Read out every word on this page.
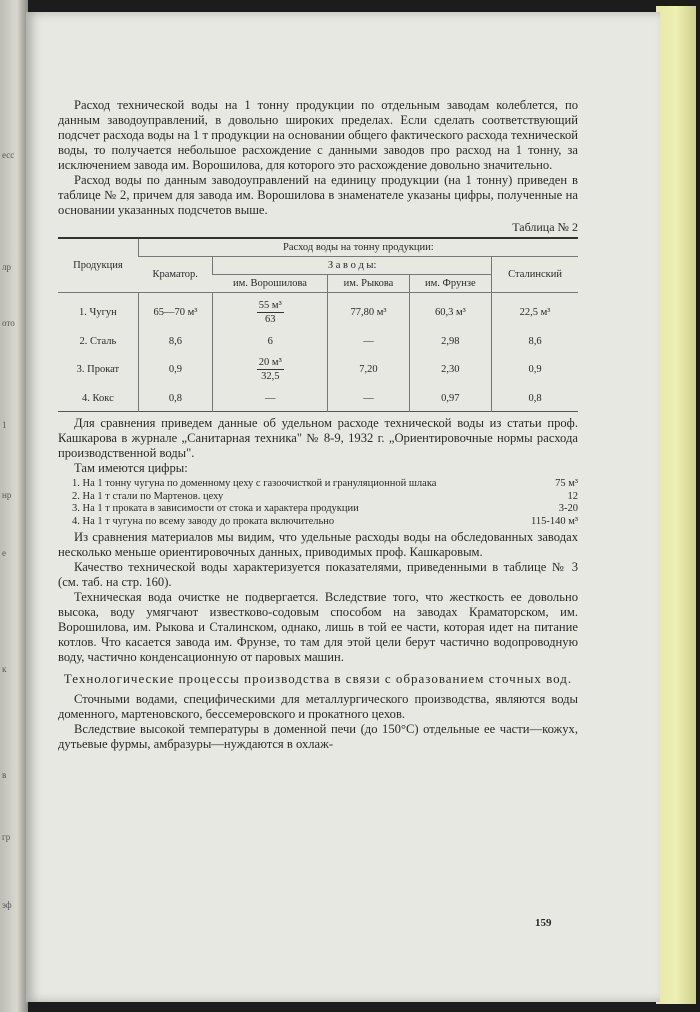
есс
лр
ото
1
нр
е
к
в
гр
эф

Расход технической воды на 1 тонну продукции по отдельным заводам колеблется, по данным заводоуправлений, в довольно широких пределах. Если сделать соответствующий подсчет расхода воды на 1 т продукции на основании общего фактического расхода технической воды, то получается небольшое расхождение с данными заводов про расход на 1 тонну, за исключением завода им. Ворошилова, для которого это расхождение довольно значительно.

Расход воды по данным заводоуправлений на единицу продукции (на 1 тонну) приведен в таблице № 2, причем для завода им. Ворошилова в знаменателе указаны цифры, полученные на основании указанных подсчетов выше.

Таблица № 2
Продукция	Расход воды на тонну продукции:				
	Краматор.	З а в о д ы:			Сталинский
		им. Ворошилова	им. Рыкова	им. Фрунзе	
1. Чугун	65—70 м³	$\frac{\text{55 м³}}{63}$	77,80 м³	60,3 м³	22,5 м³
2. Сталь	8,6	6	—	2,98	8,6
3. Прокат	0,9	$\frac{\text{20 м³}}{32,5}$	7,20	2,30	0,9
4. Кокс	0,8	—	—	0,97	0,8

Для сравнения приведем данные об удельном расходе технической воды из статьи проф. Кашкарова в журнале „Санитарная техника" № 8-9, 1932 г. „Ориентировочные нормы расхода производственной воды".

Там имеются цифры:

1. На 1 тонну чугуна по доменному цеху с газоочисткой и грануляционной шлака	75 м³
2. На 1 т стали по Мартенов. цеху	12
3. На 1 т проката в зависимости от стока и характера продукции	3-20
4. На 1 т чугуна по всему заводу до проката включительно	115-140 м³

Из сравнения материалов мы видим, что удельные расходы воды на обследованных заводах несколько меньше ориентировочных данных, приводимых проф. Кашкаровым.

Качество технической воды характеризуется показателями, приведенными в таблице № 3 (см. таб. на стр. 160).

Техническая вода очистке не подвергается. Вследствие того, что жесткость ее довольно высока, воду умягчают известково-содовым способом на заводах Краматорском, им. Ворошилова, им. Рыкова и Сталинском, однако, лишь в той ее части, которая идет на питание котлов. Что касается завода им. Фрунзе, то там для этой цели берут частично водопроводную воду, частично конденсационную от паровых машин.

Технологические процессы производства в связи с образованием сточных вод.

Сточными водами, специфическими для металлургического производства, являются воды доменного, мартеновского, бессемеровского и прокатного цехов.

Вследствие высокой температуры в доменной печи (до 150°С) отдельные ее части—кожух, дутьевые фурмы, амбразуры—нуждаются в охлаж-

159
